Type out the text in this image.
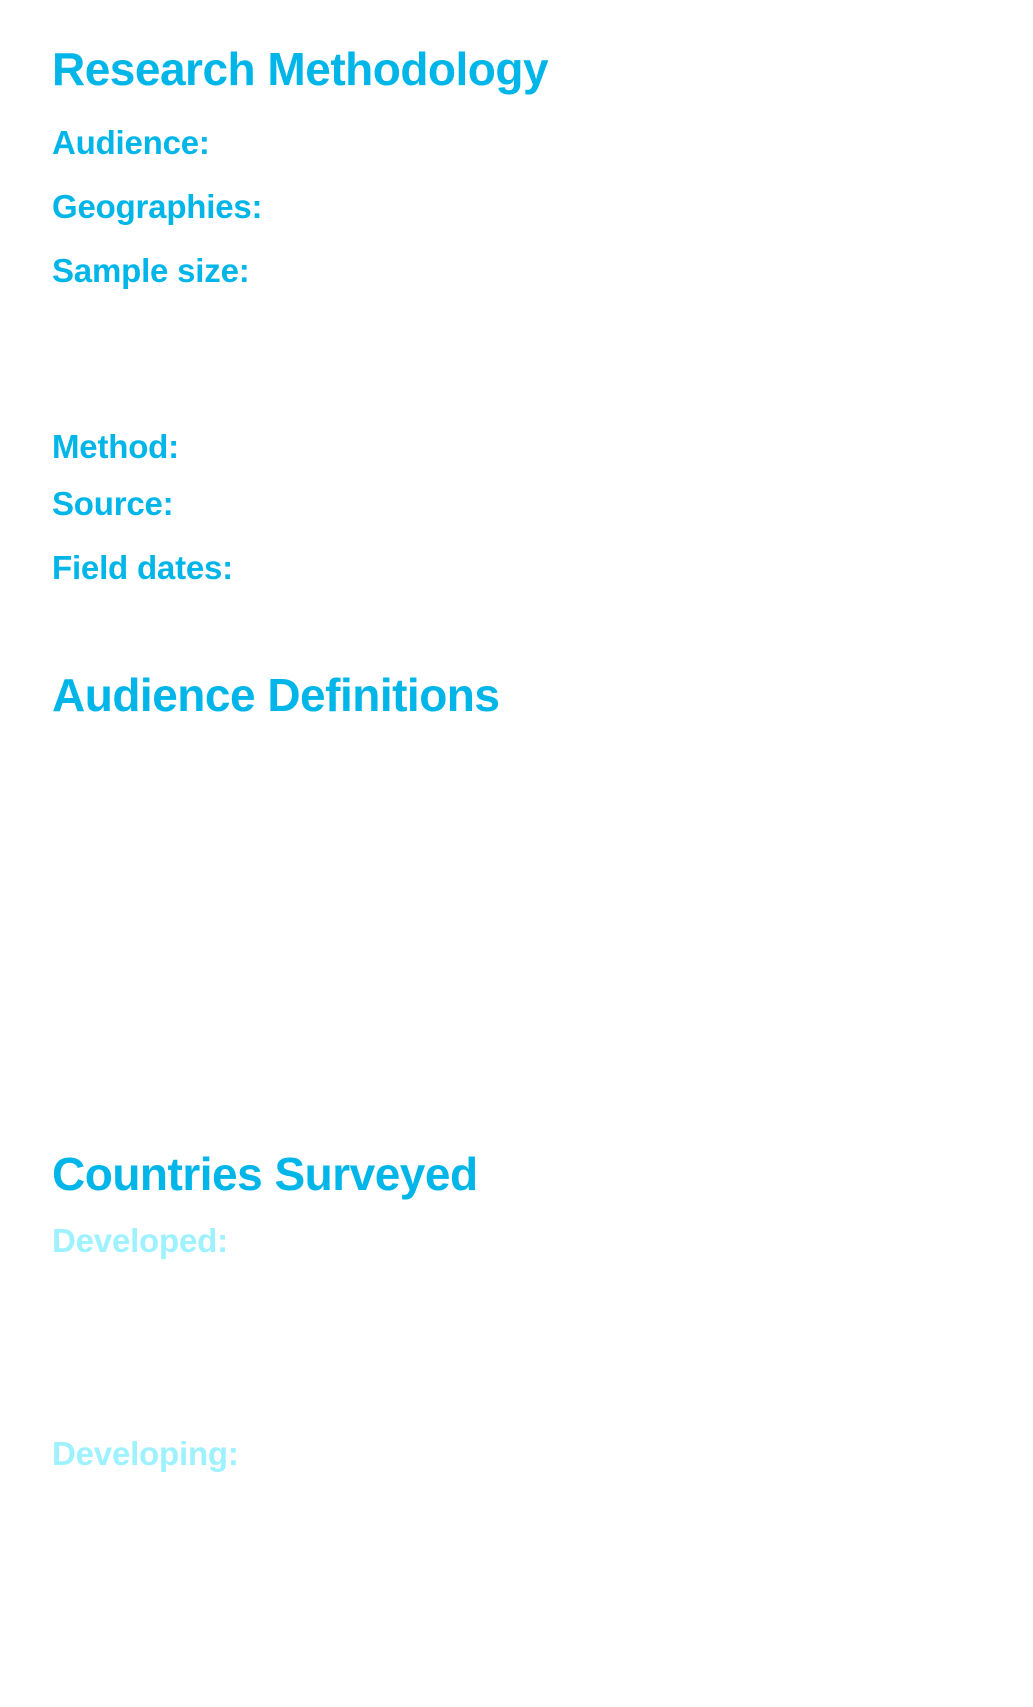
Research Methodology
Audience:
Geographies:
Sample size:
Method:
Source:
Field dates:
Audience Definitions
Countries Surveyed
Developed:
Developing:
